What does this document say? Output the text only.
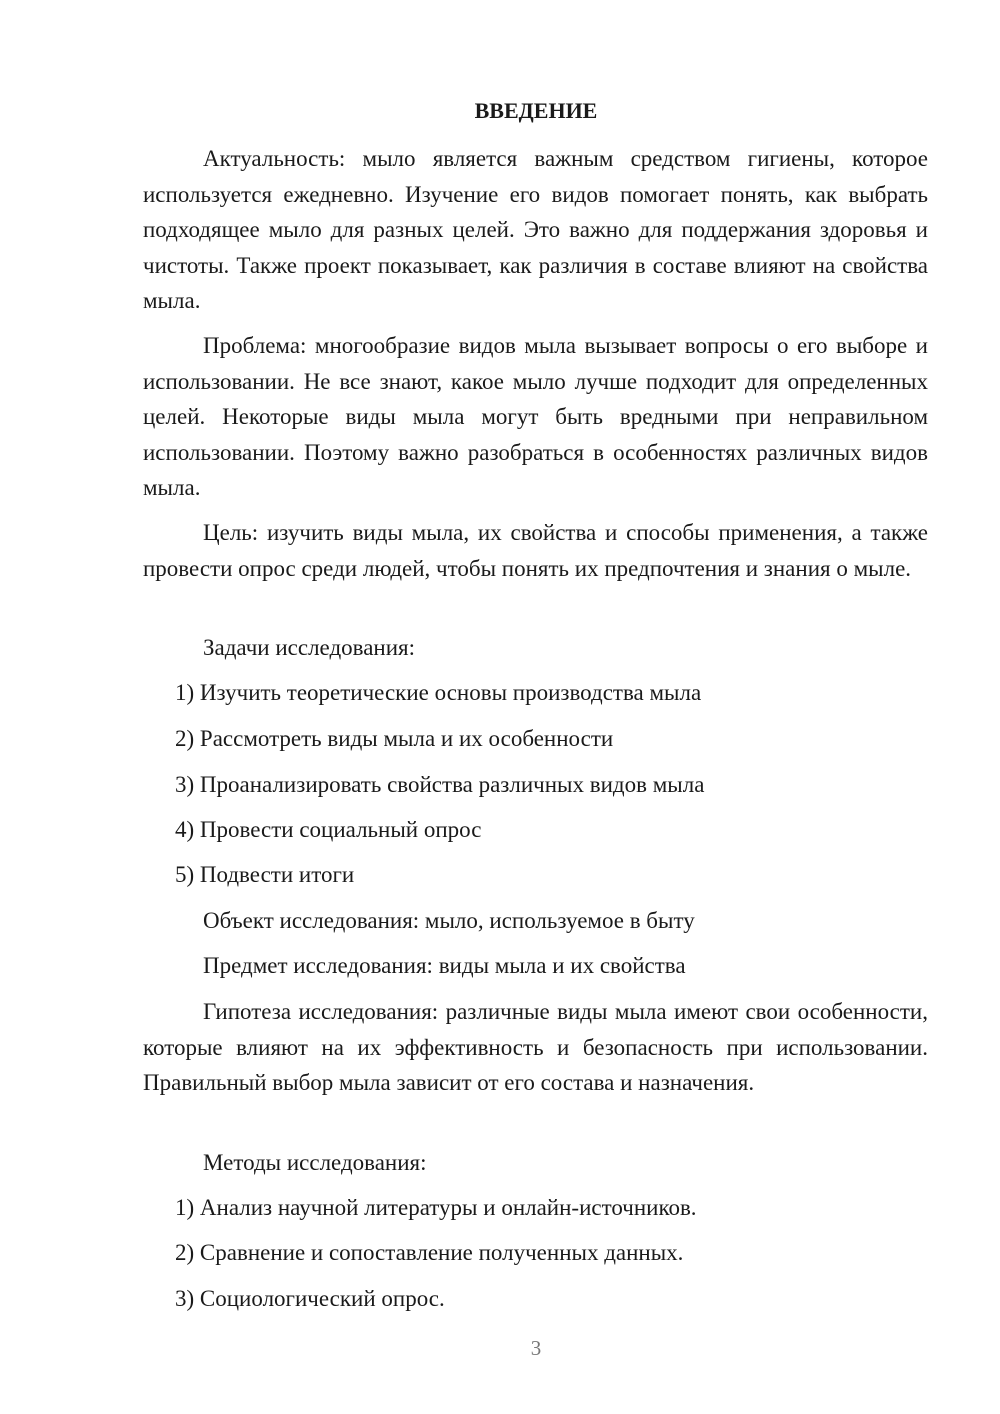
ВВЕДЕНИЕ
Актуальность: мыло является важным средством гигиены, которое используется ежедневно. Изучение его видов помогает понять, как выбрать подходящее мыло для разных целей. Это важно для поддержания здоровья и чистоты. Также проект показывает, как различия в составе влияют на свойства мыла.
Проблема: многообразие видов мыла вызывает вопросы о его выборе и использовании. Не все знают, какое мыло лучше подходит для определенных целей. Некоторые виды мыла могут быть вредными при неправильном использовании. Поэтому важно разобраться в особенностях различных видов мыла.
Цель: изучить виды мыла, их свойства и способы применения, а также провести опрос среди людей, чтобы понять их предпочтения и знания о мыле.
Задачи исследования:
1) Изучить теоретические основы производства мыла
2) Рассмотреть виды мыла и их особенности
3) Проанализировать свойства различных видов мыла
4) Провести социальный опрос
5) Подвести итоги
Объект исследования: мыло, используемое в быту
Предмет исследования: виды мыла и их свойства
Гипотеза исследования: различные виды мыла имеют свои особенности, которые влияют на их эффективность и безопасность при использовании. Правильный выбор мыла зависит от его состава и назначения.
Методы исследования:
1) Анализ научной литературы и онлайн-источников.
2) Сравнение и сопоставление полученных данных.
3) Социологический опрос.
3
